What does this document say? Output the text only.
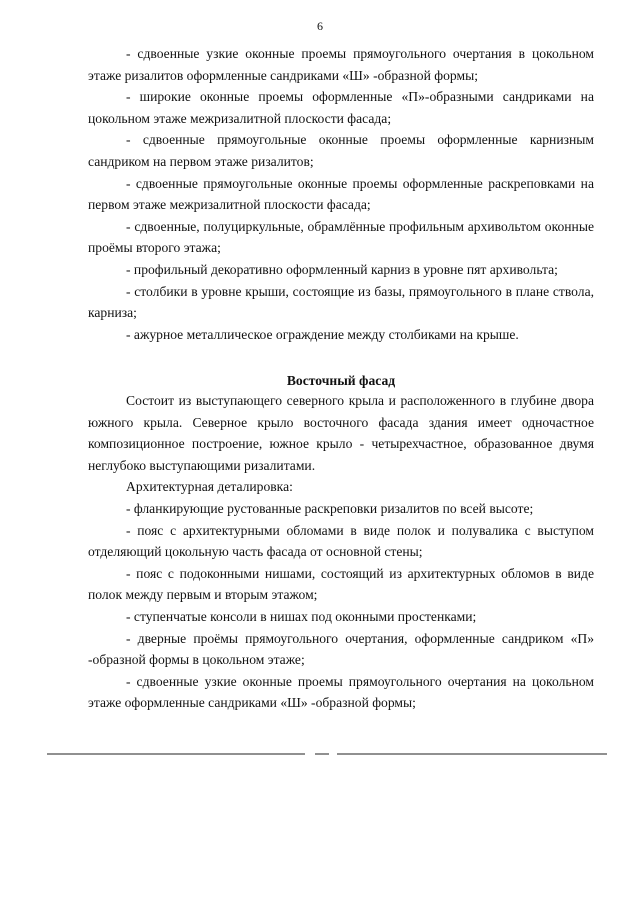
6

- сдвоенные узкие оконные проемы прямоугольного очертания в цокольном этаже ризалитов оформленные сандриками «Ш» -образной формы;

- широкие оконные проемы оформленные «П»-образными сандриками на цокольном этаже межризалитной плоскости фасада;

- сдвоенные прямоугольные оконные проемы оформленные карнизным сандриком на первом этаже ризалитов;

- сдвоенные прямоугольные оконные проемы оформленные раскреповками на первом этаже межризалитной плоскости фасада;

- сдвоенные, полуциркульные, обрамлённые профильным архивольтом оконные проёмы второго этажа;

- профильный декоративно оформленный карниз в уровне пят архивольта;

- столбики в уровне крыши, состоящие из базы, прямоугольного в плане ствола, карниза;

- ажурное металлическое ограждение между столбиками на крыше.

Восточный фасад

Состоит из выступающего северного крыла и расположенного в глубине двора южного крыла. Северное крыло восточного фасада здания имеет одночастное композиционное построение, южное крыло - четырехчастное, образованное двумя неглубоко выступающими ризалитами.

Архитектурная деталировка:

- фланкирующие рустованные раскреповки ризалитов по всей высоте;

- пояс с архитектурными обломами в виде полок и полувалика с выступом отделяющий цокольную часть фасада от основной стены;

- пояс с подоконными нишами, состоящий из архитектурных обломов в виде полок между первым и вторым этажом;

- ступенчатые консоли в нишах под оконными простенками;

- дверные проёмы прямоугольного очертания, оформленные сандриком «П» -образной формы в цокольном этаже;

- сдвоенные узкие оконные проемы прямоугольного очертания на цокольном этаже оформленные сандриками «Ш» -образной формы;
